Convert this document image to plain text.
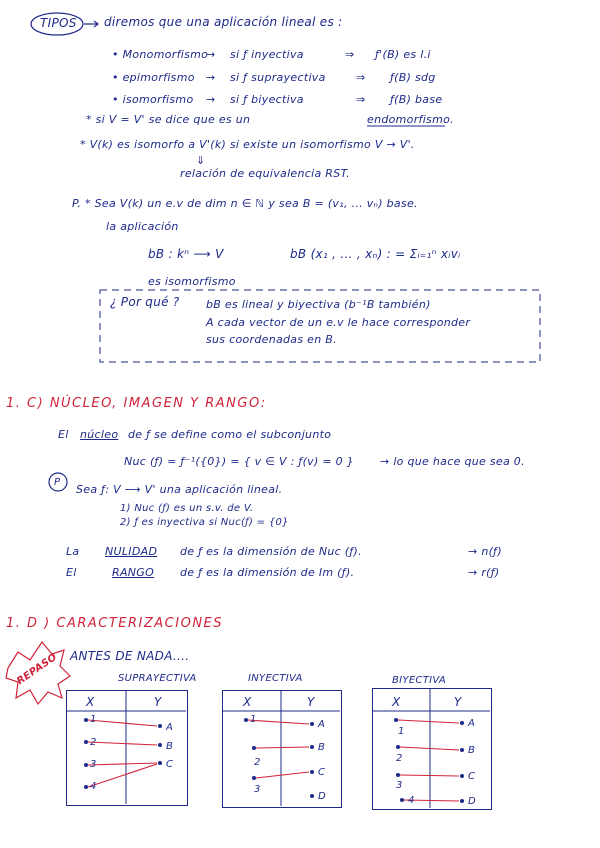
TIPOS diremos que una aplicación lineal es :
• Monomorfismo
→ si ƒ inyectiva	⇒ ƒ'(B) es l.i
• epimorfismo → si ƒ suprayectiva	⇒ ƒ(B) sdg
• isomorfismo → si ƒ biyectiva	⇒ ƒ(B) base
* si V = V' se dice que es un	endomorfismo.
* V(k) es isomorfo a V'(k) si existe un isomorfismo V → V'.
⇓
relación de equivalencia RST.
P. * Sea V(k) un e.v de dim n ∈ ℕ y sea B = (v₁, ... vₙ) base.
la aplicación
bB : kⁿ ⟶ V	bB (x₁ , ... , xₙ) : = Σᵢ₌₁ⁿ xᵢvᵢ
es isomorfismo
¿ Por qué ? bB es lineal y biyectiva (b⁻¹B también)
A cada vector de un e.v le hace corresponder
sus coordenadas en B.
1. C) NÚCLEO, IMAGEN Y RANGO:
El núcleo de ƒ se define como el subconjunto
Nuc (ƒ) = ƒ⁻¹({0}) = { v ∈ V : ƒ(v) = 0 } → lo que hace que sea 0.
P
Sea ƒ: V ⟶ V' una aplicación lineal.
1) Nuc (ƒ) es un s.v. de V.
2) ƒ es inyectiva si Nuc(ƒ) = {0}
La NULIDAD de ƒ es la dimensión de Nuc (ƒ).	→ n(ƒ)
El	RANGO de ƒ es la dimensión de Im (ƒ).	→ r(ƒ)
1. D ) CARACTERIZACIONES
REPASO ANTES DE NADA....
SUPRAYECTIVA
X	Y
1
2
3
4
A
B
C
INYECTIVA
X	Y
1
2
3
A
B
C
D
BIYECTIVA
X	Y
1
2
3
4
A
B
C
D
